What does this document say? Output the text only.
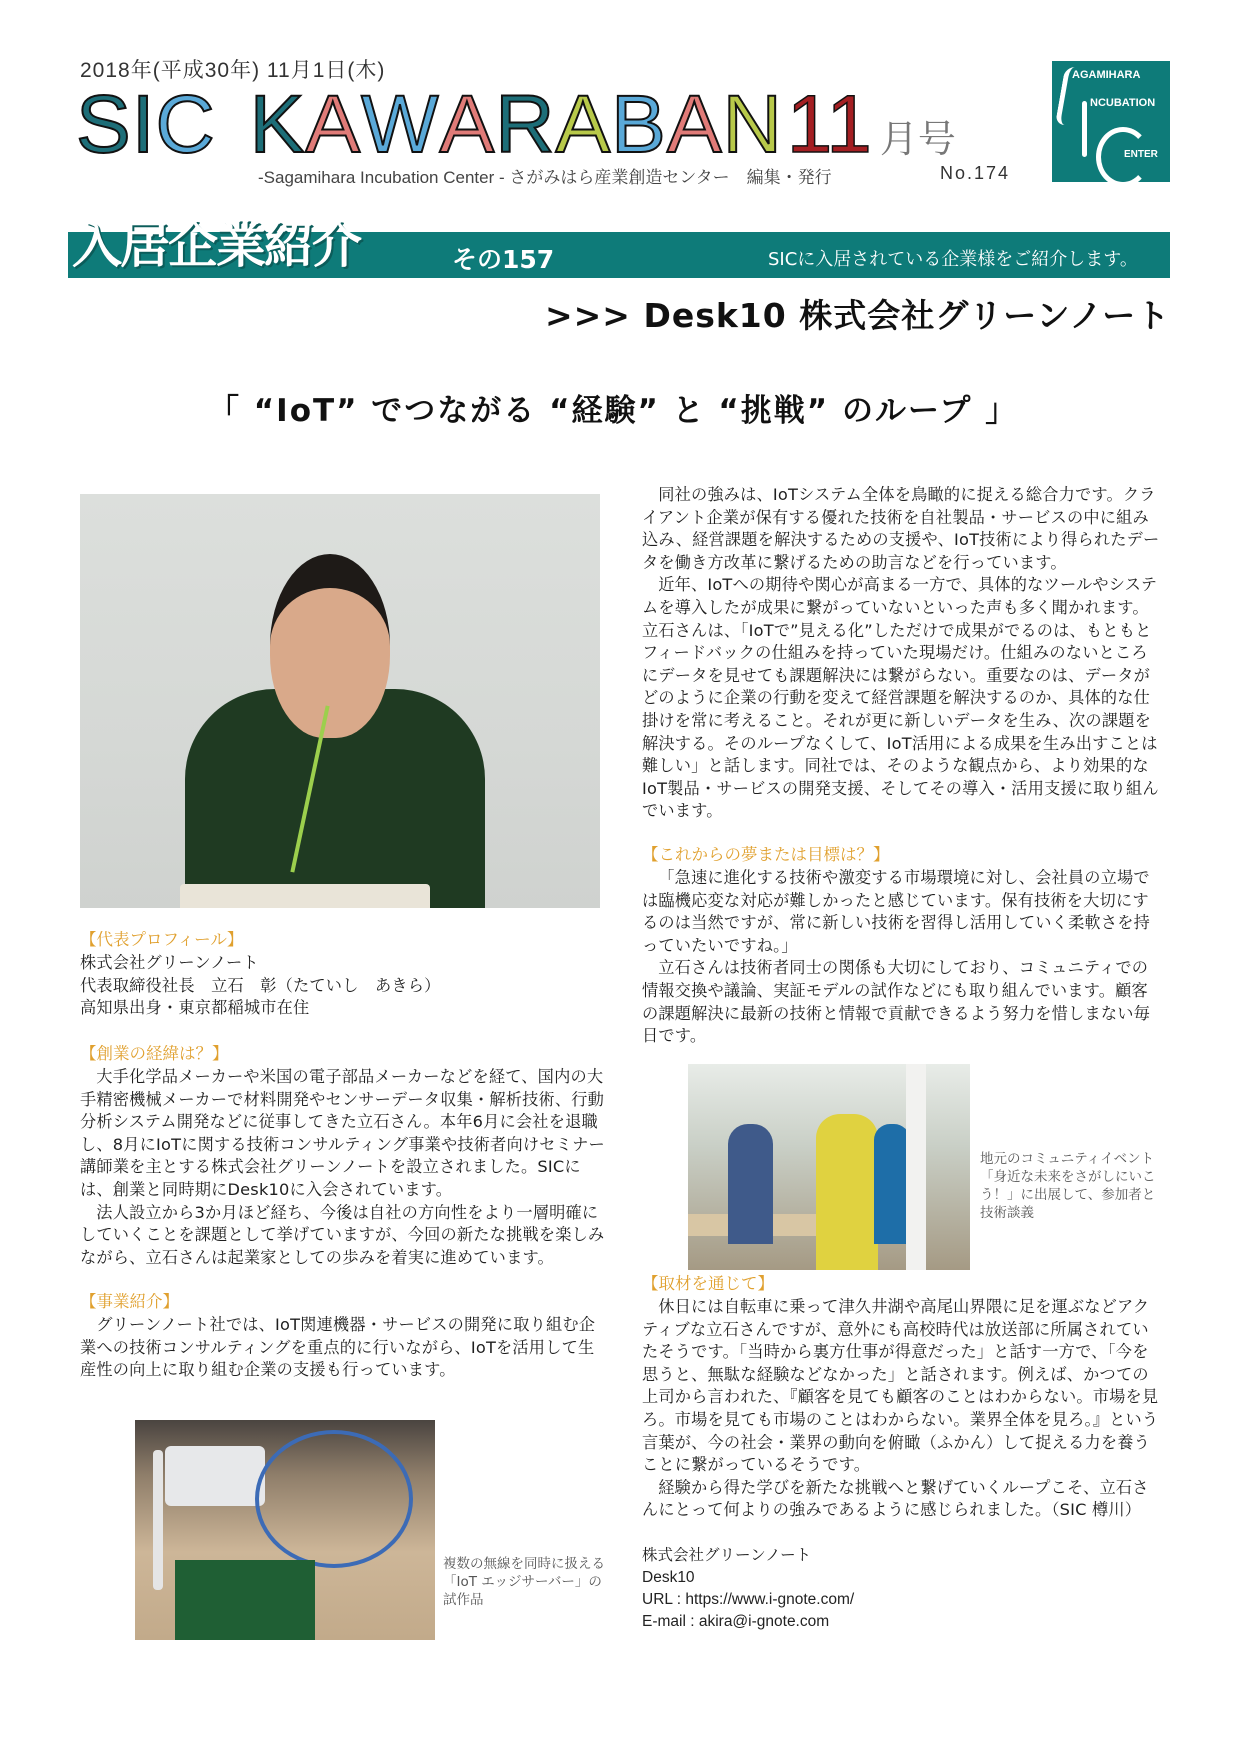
2018年(平成30年) 11月1日(木)
S I C K A W A R A B A N 11 月号
-Sagamihara Incubation Center - さがみはら産業創造センター　編集・発行	No.174
AGAMIHARA
NCUBATION
ENTER
入居企業紹介	その157	SICに入居されている企業様をご紹介します。
>>> Desk10 株式会社グリーンノート
「 “IoT” でつながる “経験” と “挑戦” のループ 」
【代表プロフィール】
株式会社グリーンノート
代表取締役社長　立石　彰（たていし　あきら）
高知県出身・東京都稲城市在住
【創業の経緯は？】
大手化学品メーカーや米国の電子部品メーカーなどを経て、国内の大手精密機械メーカーで材料開発やセンサーデータ収集・解析技術、行動分析システム開発などに従事してきた立石さん。本年6月に会社を退職し、8月にIoTに関する技術コンサルティング事業や技術者向けセミナー講師業を主とする株式会社グリーンノートを設立されました。SICには、創業と同時期にDesk10に入会されています。
法人設立から3か月ほど経ち、今後は自社の方向性をより一層明確にしていくことを課題として挙げていますが、今回の新たな挑戦を楽しみながら、立石さんは起業家としての歩みを着実に進めています。
【事業紹介】
グリーンノート社では、IoT関連機器・サービスの開発に取り組む企業への技術コンサルティングを重点的に行いながら、IoTを活用して生産性の向上に取り組む企業の支援も行っています。
複数の無線を同時に扱える「IoT エッジサーバー」の試作品
同社の強みは、IoTシステム全体を鳥瞰的に捉える総合力です。クライアント企業が保有する優れた技術を自社製品・サービスの中に組み込み、経営課題を解決するための支援や、IoT技術により得られたデータを働き方改革に繋げるための助言などを行っています。
近年、IoTへの期待や関心が高まる一方で、具体的なツールやシステムを導入したが成果に繋がっていないといった声も多く聞かれます。立石さんは、「IoTで”見える化”しただけで成果がでるのは、もともとフィードバックの仕組みを持っていた現場だけ。仕組みのないところにデータを見せても課題解決には繋がらない。重要なのは、データがどのように企業の行動を変えて経営課題を解決するのか、具体的な仕掛けを常に考えること。それが更に新しいデータを生み、次の課題を解決する。そのループなくして、IoT活用による成果を生み出すことは難しい」と話します。同社では、そのような観点から、より効果的なIoT製品・サービスの開発支援、そしてその導入・活用支援に取り組んでいます。
【これからの夢または目標は？】
「急速に進化する技術や激変する市場環境に対し、会社員の立場では臨機応変な対応が難しかったと感じています。保有技術を大切にするのは当然ですが、常に新しい技術を習得し活用していく柔軟さを持っていたいですね。」
立石さんは技術者同士の関係も大切にしており、コミュニティでの情報交換や議論、実証モデルの試作などにも取り組んでいます。顧客の課題解決に最新の技術と情報で貢献できるよう努力を惜しまない毎日です。
地元のコミュニティイベント「身近な未来をさがしにいこう！」に出展して、参加者と技術談義
【取材を通じて】
休日には自転車に乗って津久井湖や高尾山界隈に足を運ぶなどアクティブな立石さんですが、意外にも高校時代は放送部に所属されていたそうです。「当時から裏方仕事が得意だった」と話す一方で、「今を思うと、無駄な経験などなかった」と話されます。例えば、かつての上司から言われた、『顧客を見ても顧客のことはわからない。市場を見ろ。市場を見ても市場のことはわからない。業界全体を見ろ。』という言葉が、今の社会・業界の動向を俯瞰（ふかん）して捉える力を養うことに繋がっているそうです。
経験から得た学びを新たな挑戦へと繋げていくループこそ、立石さんにとって何よりの強みであるように感じられました。（SIC 樽川）
株式会社グリーンノート
Desk10
URL : https://www.i-gnote.com/
E-mail : akira@i-gnote.com
